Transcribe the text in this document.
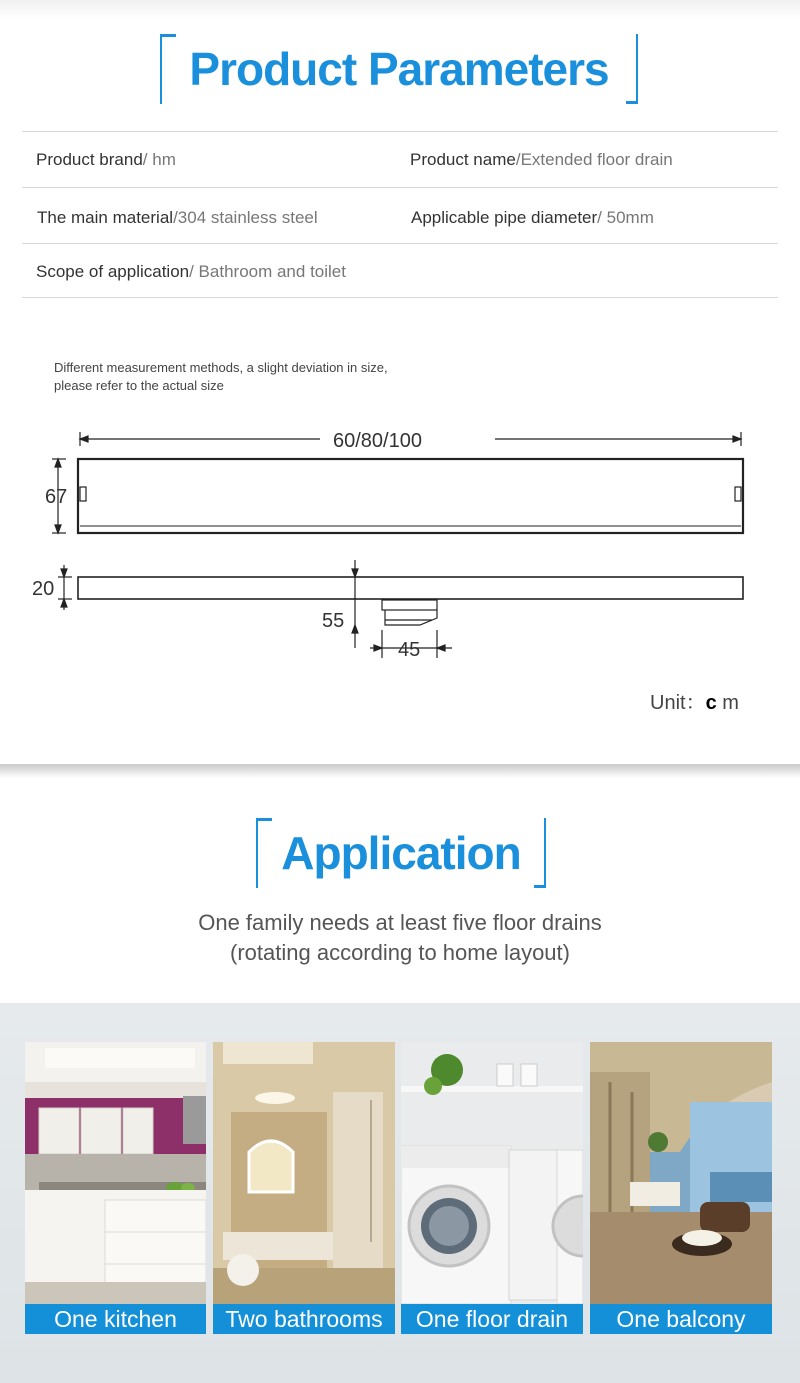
Product Parameters
Product brand / hm	Product name /Extended floor drain
The main material /304 stainless steel	Applicable pipe diameter / 50mm
Scope of application / Bathroom and toilet
Different measurement methods, a slight deviation in size,
please refer to the actual size
60/80/100
67
20
55
45
Unit：c m
Application
One family needs at least five floor drains
(rotating according to home layout)
One kitchen	Two bathrooms	One floor drain	One balcony
